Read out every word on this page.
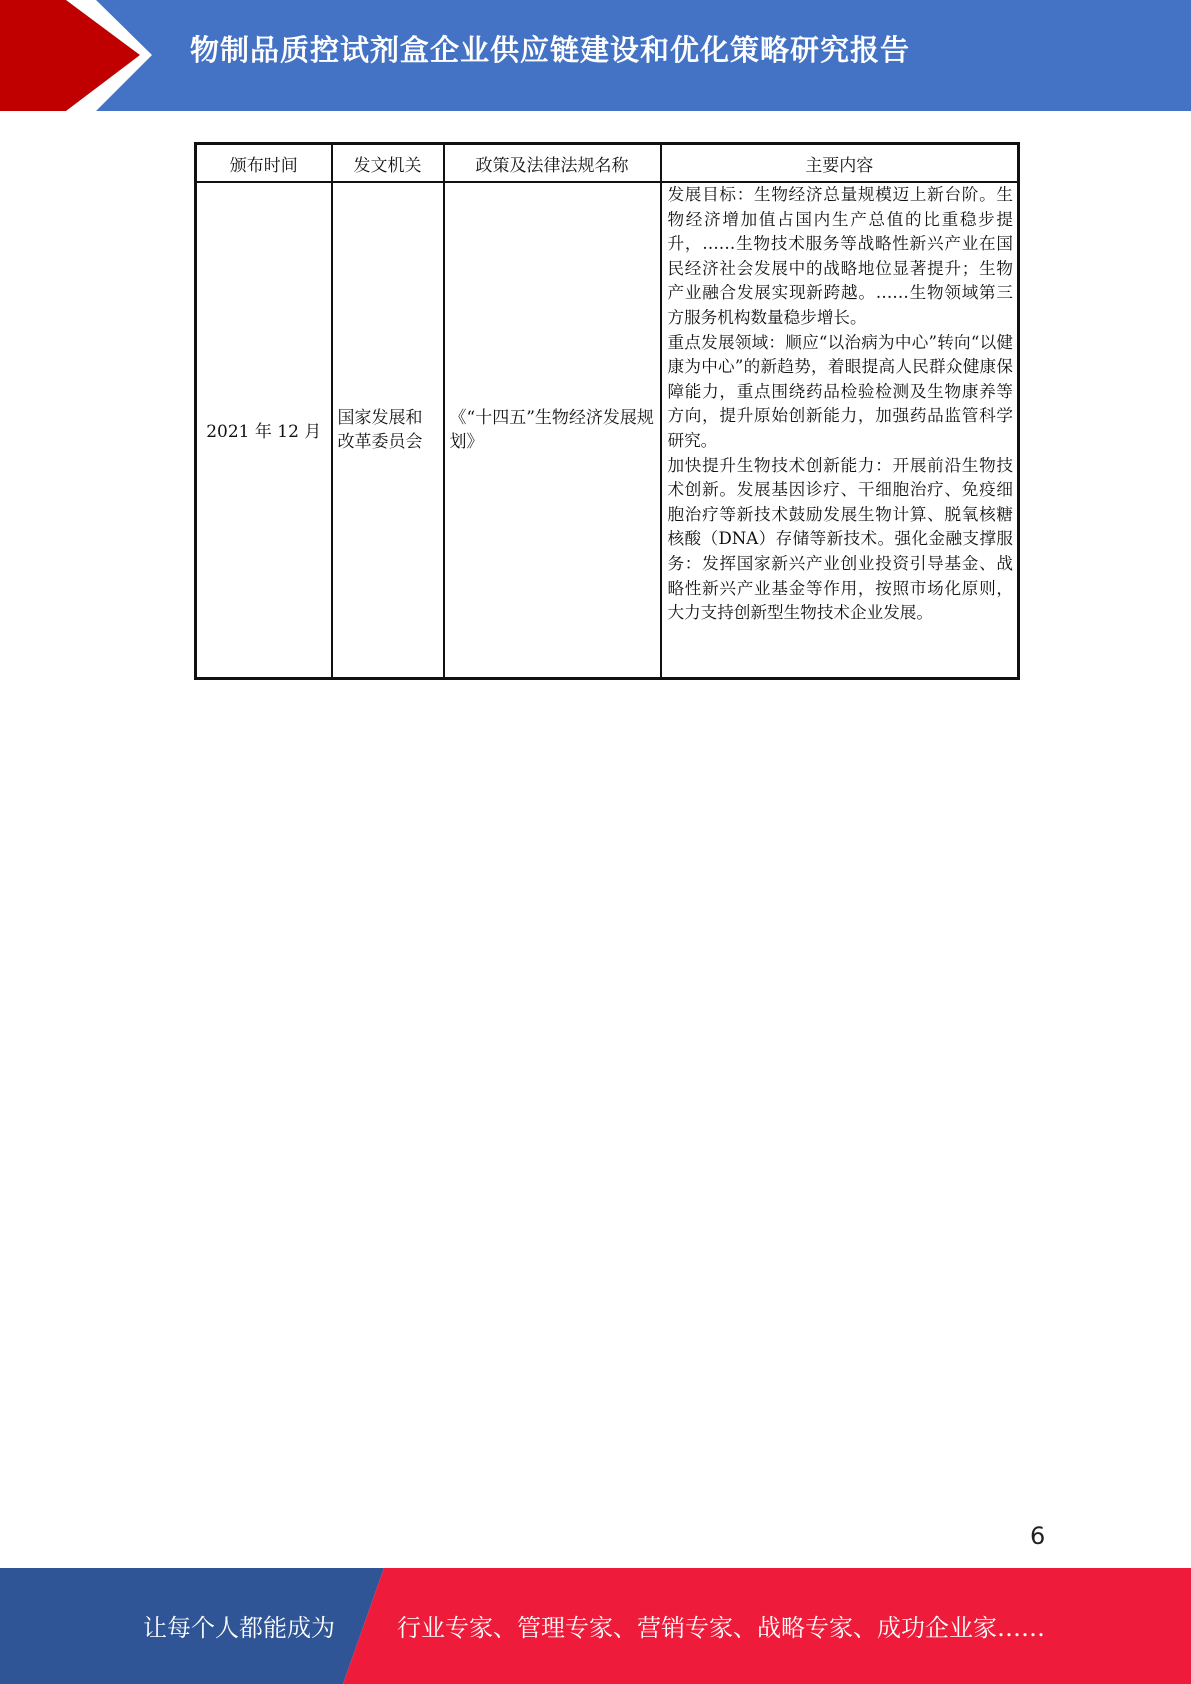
物制品质控试剂盒企业供应链建设和优化策略研究报告
颁布时间	发文机关	政策及法律法规名称	主要内容
2021 年 12 月	国家发展和改革委员会	《“十四五”生物经济发展规划》	发展目标：生物经济总量规模迈上新台阶。生物经济增加值占国内生产总值的比重稳步提升，……生物技术服务等战略性新兴产业在国民经济社会发展中的战略地位显著提升；生物产业融合发展实现新跨越。……生物领域第三方服务机构数量稳步增长。

重点发展领域：顺应“以治病为中心”转向“以健康为中心”的新趋势，着眼提高人民群众健康保障能力，重点围绕药品检验检测及生物康养等方向，提升原始创新能力，加强药品监管科学研究。

加快提升生物技术创新能力：开展前沿生物技术创新。发展基因诊疗、干细胞治疗、免疫细胞治疗等新技术鼓励发展生物计算、脱氧核糖核酸（DNA）存储等新技术。强化金融支撑服务：发挥国家新兴产业创业投资引导基金、战略性新兴产业基金等作用，按照市场化原则，大力支持创新型生物技术企业发展。

6
让每个人都能成为	行业专家、管理专家、营销专家、战略专家、成功企业家……
